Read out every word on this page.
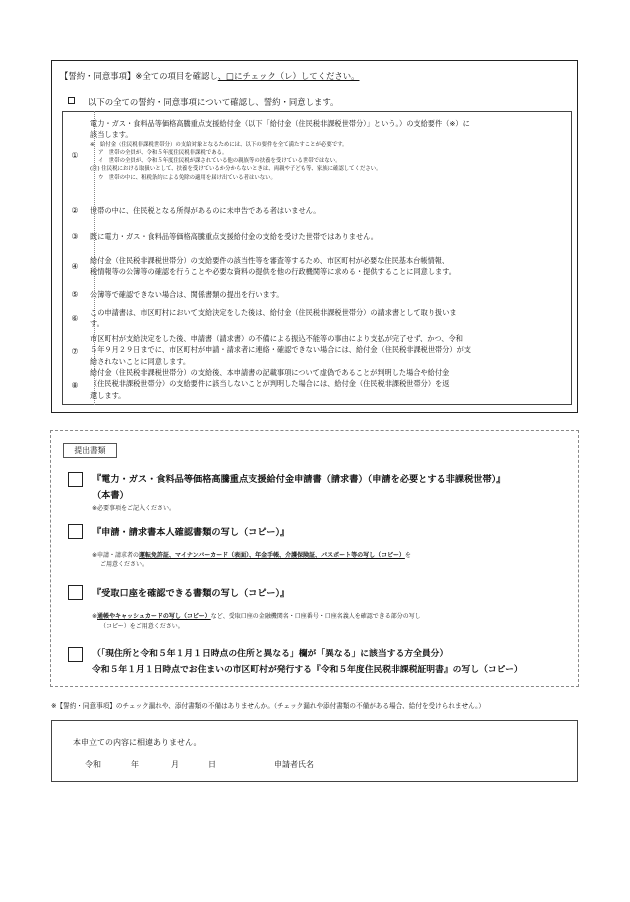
【誓約・同意事項】※全ての項目を確認し、□にチェック（レ）してください。
以下の全ての誓約・同意事項について確認し、誓約・同意します。
①
電力・ガス・食料品等価格高騰重点支援給付金（以下「給付金（住民税非課税世帯分）」という。）の支給要件（※）に
該当します。
※　給付金（住民税非課税世帯分）の支給対象となるためには、以下の要件を全て満たすことが必要です。
ア　世帯の全員が、令和５年度住民税非課税である。
イ　世帯の全員が、令和５年度住民税が課されている他の親族等の扶養を受けている世帯ではない。
(注) 住民税における取扱いとして、扶養を受けているか分からないときは、両親や子ども等、家族に確認してください。
ウ　世帯の中に、租税条約による免除の適用を届け出ている者はいない。
②	世帯の中に、住民税となる所得があるのに未申告である者はいません。
③	既に電力・ガス・食料品等価格高騰重点支援給付金の支給を受けた世帯ではありません。
④
給付金（住民税非課税世帯分）の支給要件の該当性等を審査等するため、市区町村が必要な住民基本台帳情報、
税情報等の公簿等の確認を行うことや必要な資料の提供を他の行政機関等に求める・提供することに同意します。
⑤	公簿等で確認できない場合は、関係書類の提出を行います。
⑥
この申請書は、市区町村において支給決定をした後は、給付金（住民税非課税世帯分）の請求書として取り扱いま
す。
⑦
市区町村が支給決定をした後、申請書（請求書）の不備による振込不能等の事由により支払が完了せず、かつ、令和
５年９月２９日までに、市区町村が申請・請求者に連絡・確認できない場合には、給付金（住民税非課税世帯分）が支
給されないことに同意します。
⑧
給付金（住民税非課税世帯分）の支給後、本申請書の記載事項について虚偽であることが判明した場合や給付金
（住民税非課税世帯分）の支給要件に該当しないことが判明した場合には、給付金（住民税非課税世帯分）を返
還します。
提出書類
『電力・ガス・食料品等価格高騰重点支援給付金申請書（請求書）（申請を必要とする非課税世帯）』
（本書）
※必要事項をご記入ください。
『申請・請求書本人確認書類の写し（コピー）』
※申請・請求者の運転免許証、マイナンバーカード（表面）、年金手帳、介護保険証、パスポート等の写し（コピー）を
ご用意ください。
『受取口座を確認できる書類の写し（コピー）』
※通帳やキャッシュカードの写し（コピー）など、受取口座の金融機関名・口座番号・口座名義人を確認できる部分の写し
（コピー）をご用意ください。
（「現住所と令和５年１月１日時点の住所と異なる」欄が「異なる」に該当する方全員分）
令和５年１月１日時点でお住まいの市区町村が発行する『令和５年度住民税非課税証明書』の写し（コピー）
※【誓約・同意事項】のチェック漏れや、添付書類の不備はありませんか。（チェック漏れや添付書類の不備がある場合、給付を受けられません。）
本申立ての内容に相違ありません。
令和	年	月	日	申請者氏名
